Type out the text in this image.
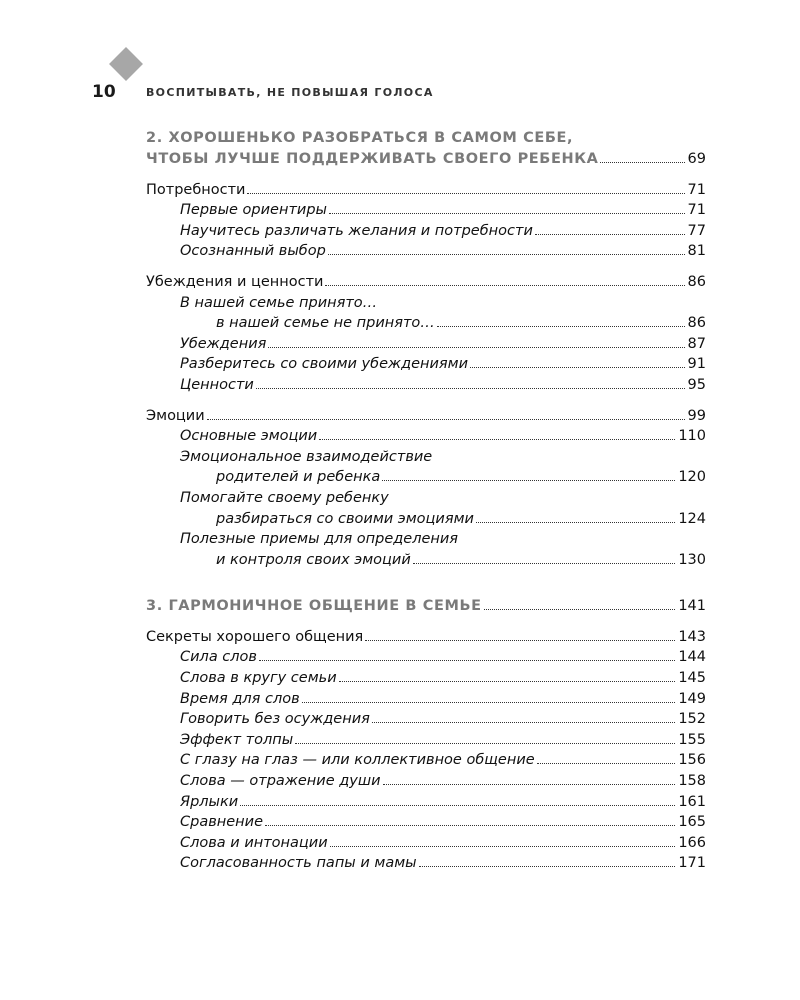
10	ВОСПИТЫВАТЬ, НЕ ПОВЫШАЯ ГОЛОСА
2. ХОРОШЕНЬКО РАЗОБРАТЬСЯ В САМОМ СЕБЕ,
ЧТОБЫ ЛУЧШЕ ПОДДЕРЖИВАТЬ СВОЕГО РЕБЕНКА	69
Потребности	71
Первые ориентиры	71
Научитесь различать желания и потребности	77
Осознанный выбор	81
Убеждения и ценности	86
В нашей семье принято…
в нашей семье не принято…	86
Убеждения	87
Разберитесь со своими убеждениями	91
Ценности	95
Эмоции	99
Основные эмоции	110
Эмоциональное взаимодействие
родителей и ребенка	120
Помогайте своему ребенку
разбираться со своими эмоциями	124
Полезные приемы для определения
и контроля своих эмоций	130
3. ГАРМОНИЧНОЕ ОБЩЕНИЕ В СЕМЬЕ	141
Секреты хорошего общения	143
Сила слов	144
Слова в кругу семьи	145
Время для слов	149
Говорить без осуждения	152
Эффект толпы	155
С глазу на глаз — или коллективное общение	156
Слова — отражение души	158
Ярлыки	161
Сравнение	165
Слова и интонации	166
Согласованность папы и мамы	171
